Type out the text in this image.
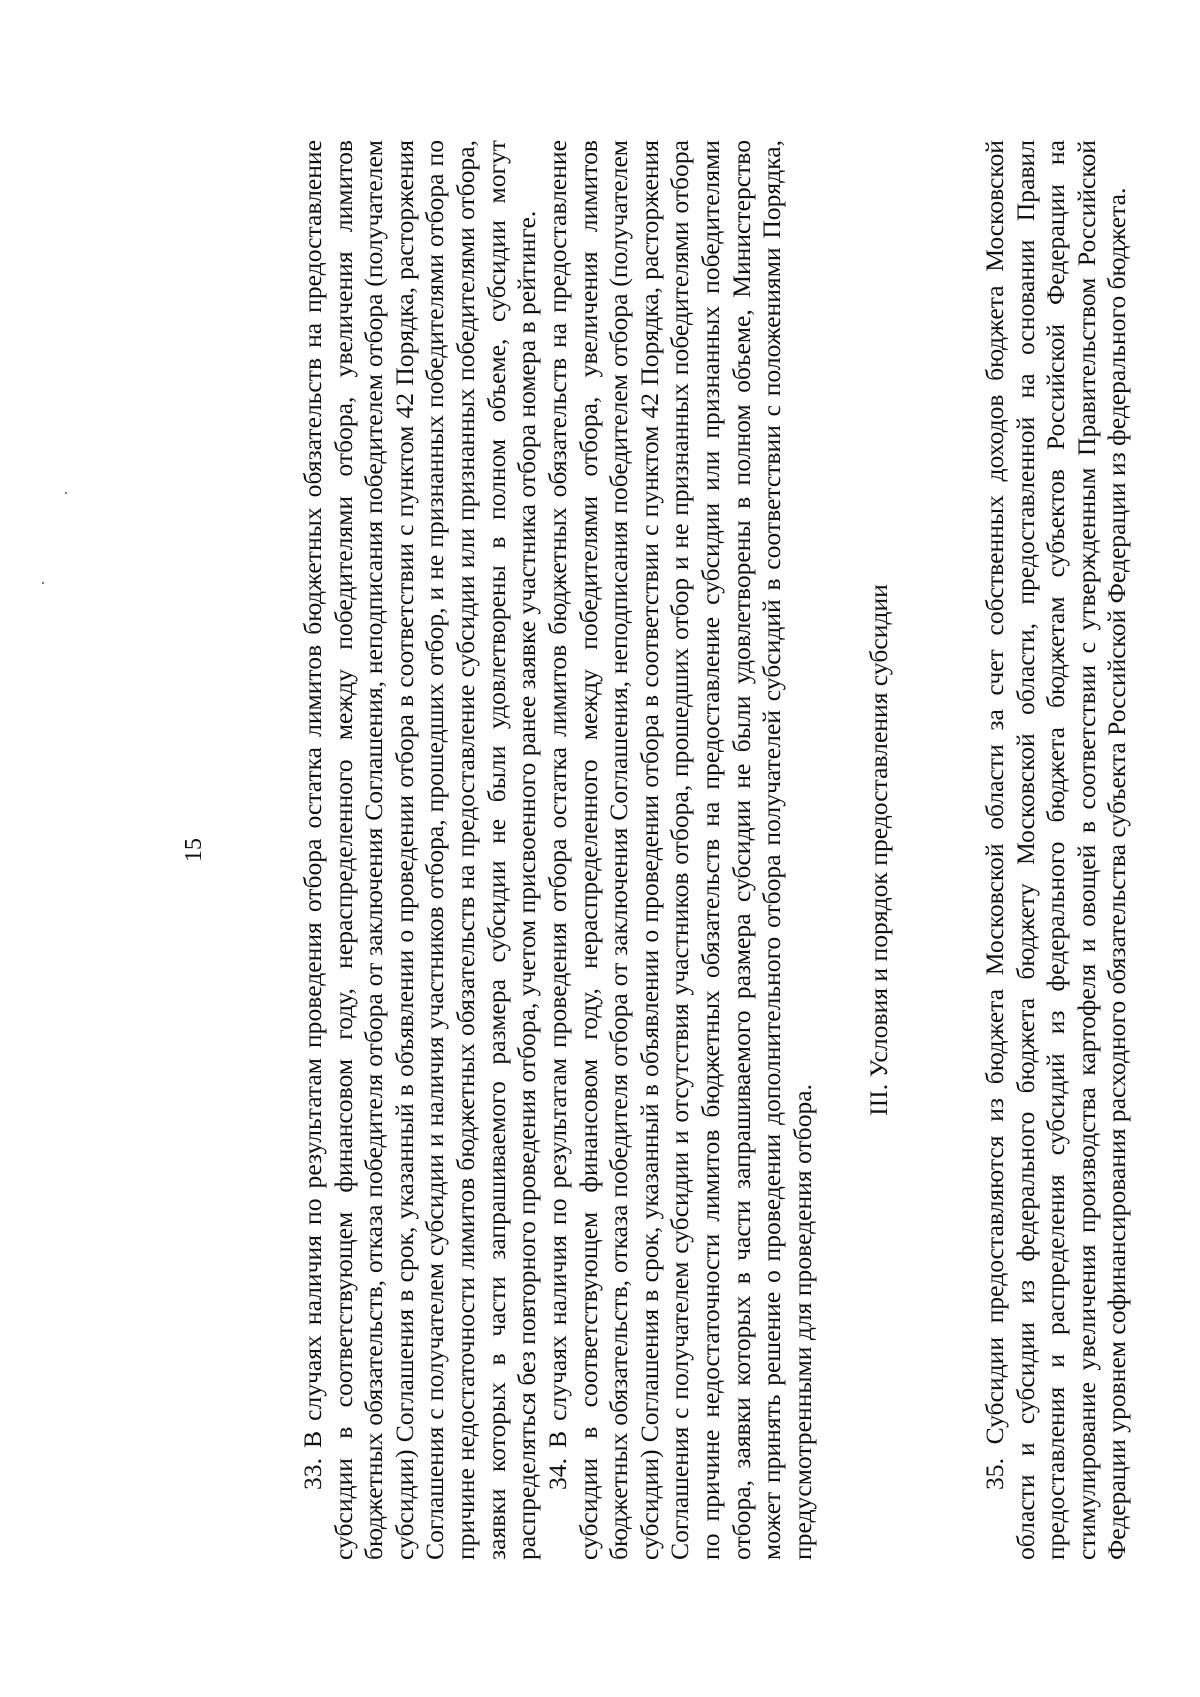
15	33. В случаях наличия по результатам проведения отбора остатка лимитов бюджетных обязательств на предоставление субсидии в соответствующем финансовом году, нераспределенного между победителями отбора, увеличения лимитов бюджетных обязательств, отказа победителя отбора от заключения Соглашения, неподписания победителем отбора (получателем субсидии) Соглашения в срок, указанный в объявлении о проведении отбора в соответствии с пунктом 42 Порядка, расторжения Соглашения с получателем субсидии и наличия участников отбора, прошедших отбор, и не признанных победителями отбора по причине недостаточности лимитов бюджетных обязательств на предоставление субсидии или признанных победителями отбора, заявки которых в части запрашиваемого размера субсидии не были удовлетворены в полном объеме, субсидии могут распределяться без повторного проведения отбора, учетом присвоенного ранее заявке участника отбора номера в рейтинге. 34. В случаях наличия по результатам проведения отбора остатка лимитов бюджетных обязательств на предоставление субсидии в соответствующем финансовом году, нераспределенного между победителями отбора, увеличения лимитов бюджетных обязательств, отказа победителя отбора от заключения Соглашения, неподписания победителем отбора (получателем субсидии) Соглашения в срок, указанный в объявлении о проведении отбора в соответствии с пунктом 42 Порядка, расторжения Соглашения с получателем субсидии и отсутствия участников отбора, прошедших отбор и не признанных победителями отбора по причине недостаточности лимитов бюджетных обязательств на предоставление субсидии или признанных победителями отбора, заявки которых в части запрашиваемого размера субсидии не были удовлетворены в полном объеме, Министерство может принять решение о проведении дополнительного отбора получателей субсидий в соответствии с положениями Порядка, предусмотренными для проведения отбора.

III. Условия и порядок предоставления субсидии	35. Субсидии предоставляются из бюджета Московской области за счет собственных доходов бюджета Московской области и субсидии из федерального бюджета бюджету Московской области, предоставленной на основании Правил предоставления и распределения субсидий из федерального бюджета бюджетам субъектов Российской Федерации на стимулирование увеличения производства картофеля и овощей в соответствии с утвержденным Правительством Российской Федерации уровнем софинансирования расходного обязательства субъекта Российской Федерации из федерального бюджета.
